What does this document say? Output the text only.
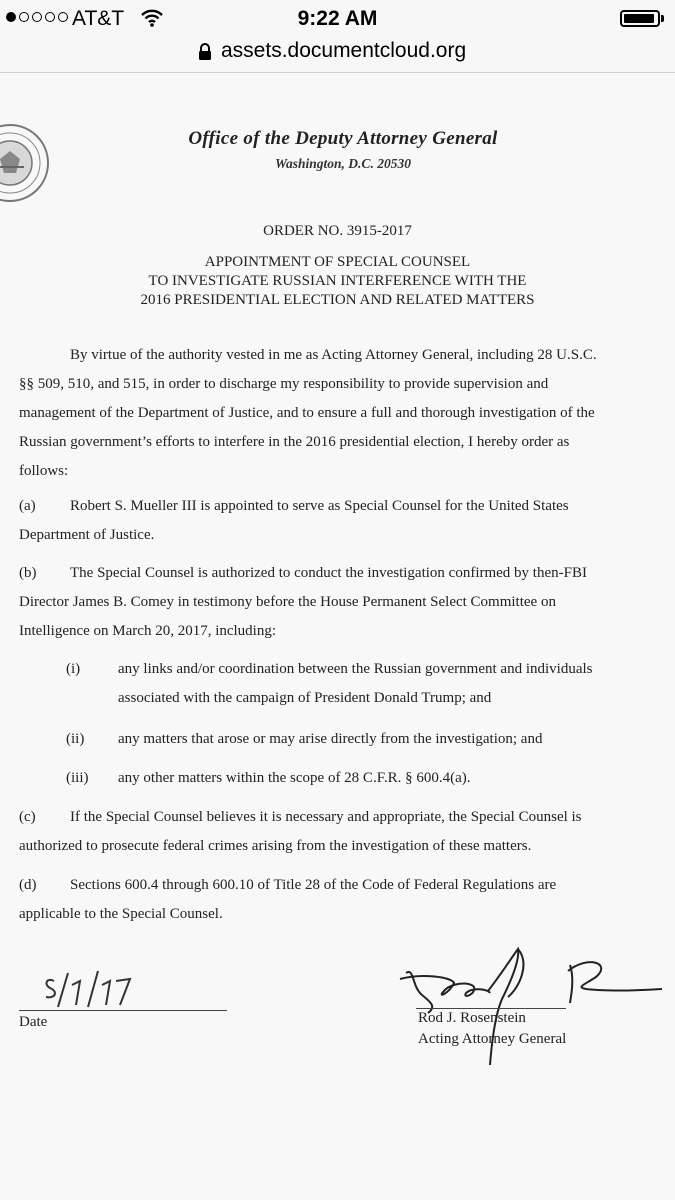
AT&T	9:22 AM
assets.documentcloud.org
Office of the Deputy Attorney General
Washington, D.C. 20530
ORDER NO. 3915-2017
APPOINTMENT OF SPECIAL COUNSEL
TO INVESTIGATE RUSSIAN INTERFERENCE WITH THE
2016 PRESIDENTIAL ELECTION AND RELATED MATTERS
By virtue of the authority vested in me as Acting Attorney General, including 28 U.S.C.
§§ 509, 510, and 515, in order to discharge my responsibility to provide supervision and
management of the Department of Justice, and to ensure a full and thorough investigation of the
Russian government’s efforts to interfere in the 2016 presidential election, I hereby order as
follows:
(a) Robert S. Mueller III is appointed to serve as Special Counsel for the United States
Department of Justice.
(b) The Special Counsel is authorized to conduct the investigation confirmed by then-FBI
Director James B. Comey in testimony before the House Permanent Select Committee on
Intelligence on March 20, 2017, including:
(i)	any links and/or coordination between the Russian government and individuals
associated with the campaign of President Donald Trump; and
(ii) any matters that arose or may arise directly from the investigation; and
(iii) any other matters within the scope of 28 C.F.R. § 600.4(a).
(c) If the Special Counsel believes it is necessary and appropriate, the Special Counsel is
authorized to prosecute federal crimes arising from the investigation of these matters.
(d) Sections 600.4 through 600.10 of Title 28 of the Code of Federal Regulations are
applicable to the Special Counsel.
Date	Rod J. Rosenstein
Acting Attorney General
